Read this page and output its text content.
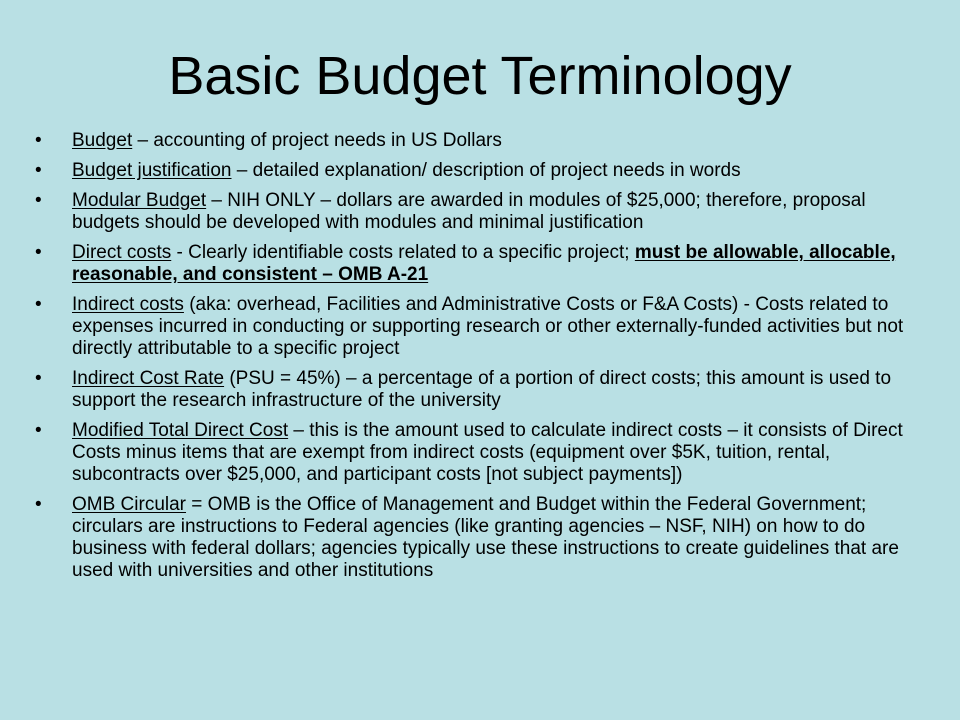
Basic Budget Terminology
•	Budget – accounting of project needs in US Dollars
•	Budget justification – detailed explanation/ description of project needs in words
•	Modular Budget – NIH ONLY – dollars are awarded in modules of $25,000; therefore, proposal budgets should be developed with modules and minimal justification
•	Direct costs - Clearly identifiable costs related to a specific project; must be allowable, allocable, reasonable, and consistent – OMB A-21
•	Indirect costs (aka: overhead, Facilities and Administrative Costs or F&A Costs) - Costs related to expenses incurred in conducting or supporting research or other externally-funded activities but not directly attributable to a specific project
•	Indirect Cost Rate (PSU = 45%) – a percentage of a portion of direct costs; this amount is used to support the research infrastructure of the university
•	Modified Total Direct Cost – this is the amount used to calculate indirect costs – it consists of Direct Costs minus items that are exempt from indirect costs (equipment over $5K, tuition, rental, subcontracts over $25,000, and participant costs [not subject payments])
•	OMB Circular = OMB is the Office of Management and Budget within the Federal Government; circulars are instructions to Federal agencies (like granting agencies – NSF, NIH) on how to do business with federal dollars; agencies typically use these instructions to create guidelines that are used with universities and other institutions
